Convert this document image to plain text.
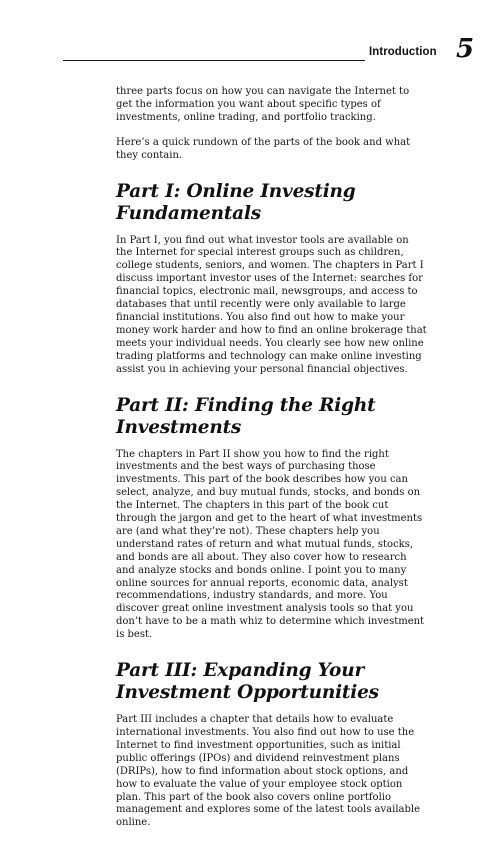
Introduction 5

three parts focus on how you can navigate the Internet to get the information you want about specific types of investments, online trading, and portfolio tracking.

Here’s a quick rundown of the parts of the book and what they contain.

Part I: Online Investing Fundamentals

In Part I, you find out what investor tools are available on the Internet for special interest groups such as children, college students, seniors, and women. The chapters in Part I discuss important investor uses of the Internet: searches for financial topics, electronic mail, newsgroups, and access to databases that until recently were only available to large financial institutions. You also find out how to make your money work harder and how to find an online brokerage that meets your individual needs. You clearly see how new online trading platforms and technology can make online investing assist you in achieving your personal financial objectives.

Part II: Finding the Right Investments

The chapters in Part II show you how to find the right investments and the best ways of purchasing those investments. This part of the book describes how you can select, analyze, and buy mutual funds, stocks, and bonds on the Internet. The chapters in this part of the book cut through the jargon and get to the heart of what investments are (and what they’re not). These chapters help you understand rates of return and what mutual funds, stocks, and bonds are all about. They also cover how to research and analyze stocks and bonds online. I point you to many online sources for annual reports, economic data, analyst recommendations, industry standards, and more. You discover great online investment analysis tools so that you don’t have to be a math whiz to determine which investment is best.

Part III: Expanding Your Investment Opportunities

Part III includes a chapter that details how to evaluate international investments. You also find out how to use the Internet to find investment opportunities, such as initial public offerings (IPOs) and dividend reinvestment plans (DRIPs), how to find information about stock options, and how to evaluate the value of your employee stock option plan. This part of the book also covers online portfolio management and explores some of the latest tools available online.
